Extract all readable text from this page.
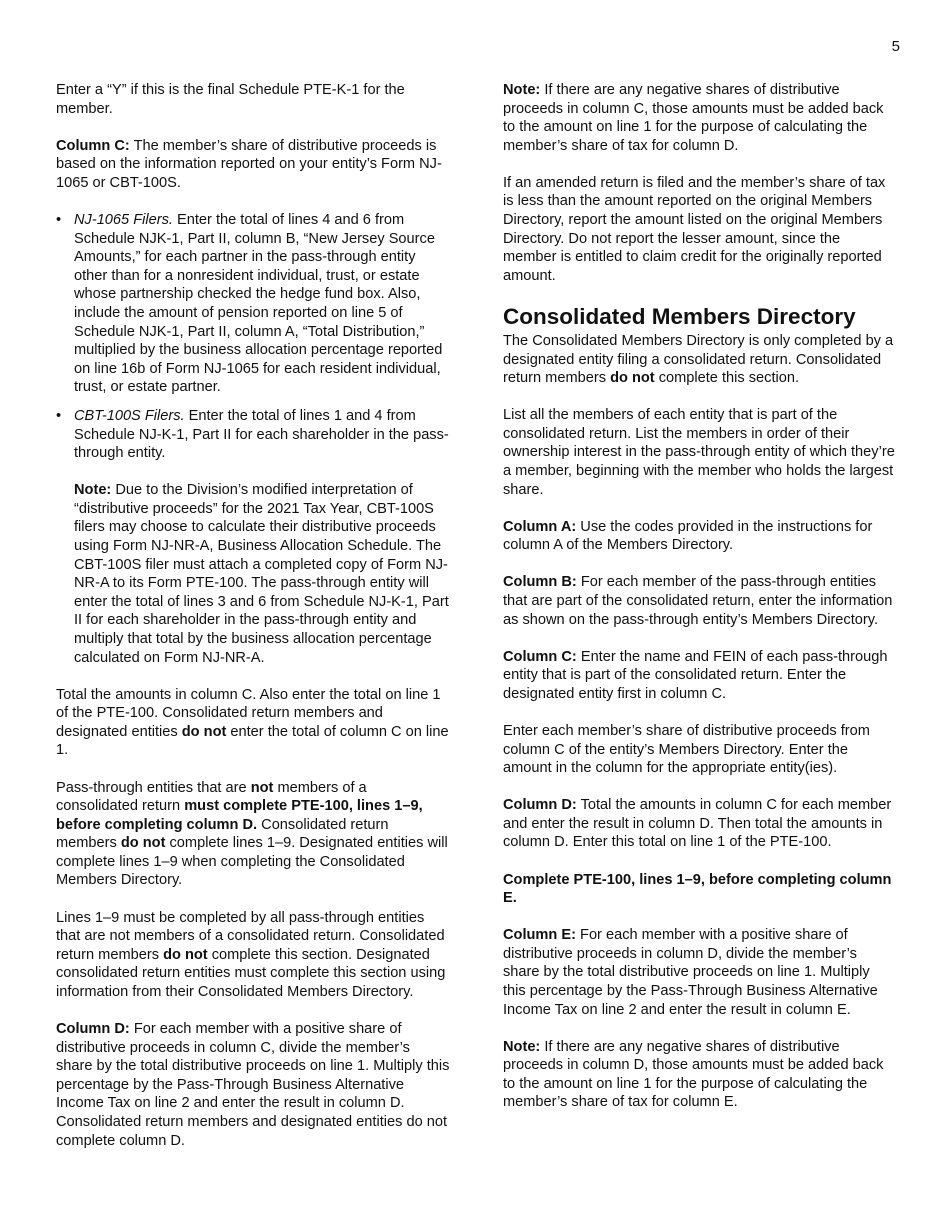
5

Enter a “Y” if this is the final Schedule PTE-K-1 for the member.

Column C: The member’s share of distributive proceeds is based on the information reported on your entity’s Form NJ-1065 or CBT-100S.

• NJ-1065 Filers. Enter the total of lines 4 and 6 from Schedule NJK-1, Part II, column B, “New Jersey Source Amounts,” for each partner in the pass-through entity other than for a nonresident individual, trust, or estate whose partnership checked the hedge fund box. Also, include the amount of pension reported on line 5 of Schedule NJK-1, Part II, column A, “Total Distribution,” multiplied by the business allocation percentage reported on line 16b of Form NJ-1065 for each resident individual, trust, or estate partner.
• CBT-100S Filers. Enter the total of lines 1 and 4 from Schedule NJ-K-1, Part II for each shareholder in the pass-through entity.

Note: Due to the Division’s modified interpretation of “distributive proceeds” for the 2021 Tax Year, CBT-100S filers may choose to calculate their distributive proceeds using Form NJ-NR-A, Business Allocation Schedule. The CBT-100S filer must attach a completed copy of Form NJ-NR-A to its Form PTE-100. The pass-through entity will enter the total of lines 3 and 6 from Schedule NJ-K-1, Part II for each shareholder in the pass-through entity and multiply that total by the business allocation percentage calculated on Form NJ-NR-A.

Total the amounts in column C. Also enter the total on line 1 of the PTE-100. Consolidated return members and designated entities do not enter the total of column C on line 1.

Pass-through entities that are not members of a consolidated return must complete PTE-100, lines 1–9, before completing column D. Consolidated return members do not complete lines 1–9. Designated entities will complete lines 1–9 when completing the Consolidated Members Directory.

Lines 1–9 must be completed by all pass-through entities that are not members of a consolidated return. Consolidated return members do not complete this section. Designated consolidated return entities must complete this section using information from their Consolidated Members Directory.

Column D: For each member with a positive share of distributive proceeds in column C, divide the member’s share by the total distributive proceeds on line 1. Multiply this percentage by the Pass-Through Business Alternative Income Tax on line 2 and enter the result in column D. Consolidated return members and designated entities do not complete column D.

Note: If there are any negative shares of distributive proceeds in column C, those amounts must be added back to the amount on line 1 for the purpose of calculating the member’s share of tax for column D.

If an amended return is filed and the member’s share of tax is less than the amount reported on the original Members Directory, report the amount listed on the original Members Directory. Do not report the lesser amount, since the member is entitled to claim credit for the originally reported amount.

Consolidated Members Directory

The Consolidated Members Directory is only completed by a designated entity filing a consolidated return. Consolidated return members do not complete this section.

List all the members of each entity that is part of the consolidated return. List the members in order of their ownership interest in the pass-through entity of which they’re a member, beginning with the member who holds the largest share.

Column A: Use the codes provided in the instructions for column A of the Members Directory.

Column B: For each member of the pass-through entities that are part of the consolidated return, enter the information as shown on the pass-through entity’s Members Directory.

Column C: Enter the name and FEIN of each pass-through entity that is part of the consolidated return. Enter the designated entity first in column C.

Enter each member’s share of distributive proceeds from column C of the entity’s Members Directory. Enter the amount in the column for the appropriate entity(ies).

Column D: Total the amounts in column C for each member and enter the result in column D. Then total the amounts in column D. Enter this total on line 1 of the PTE-100.

Complete PTE-100, lines 1–9, before completing column E.

Column E: For each member with a positive share of distributive proceeds in column D, divide the member’s share by the total distributive proceeds on line 1. Multiply this percentage by the Pass-Through Business Alternative Income Tax on line 2 and enter the result in column E.

Note: If there are any negative shares of distributive proceeds in column D, those amounts must be added back to the amount on line 1 for the purpose of calculating the member’s share of tax for column E.
